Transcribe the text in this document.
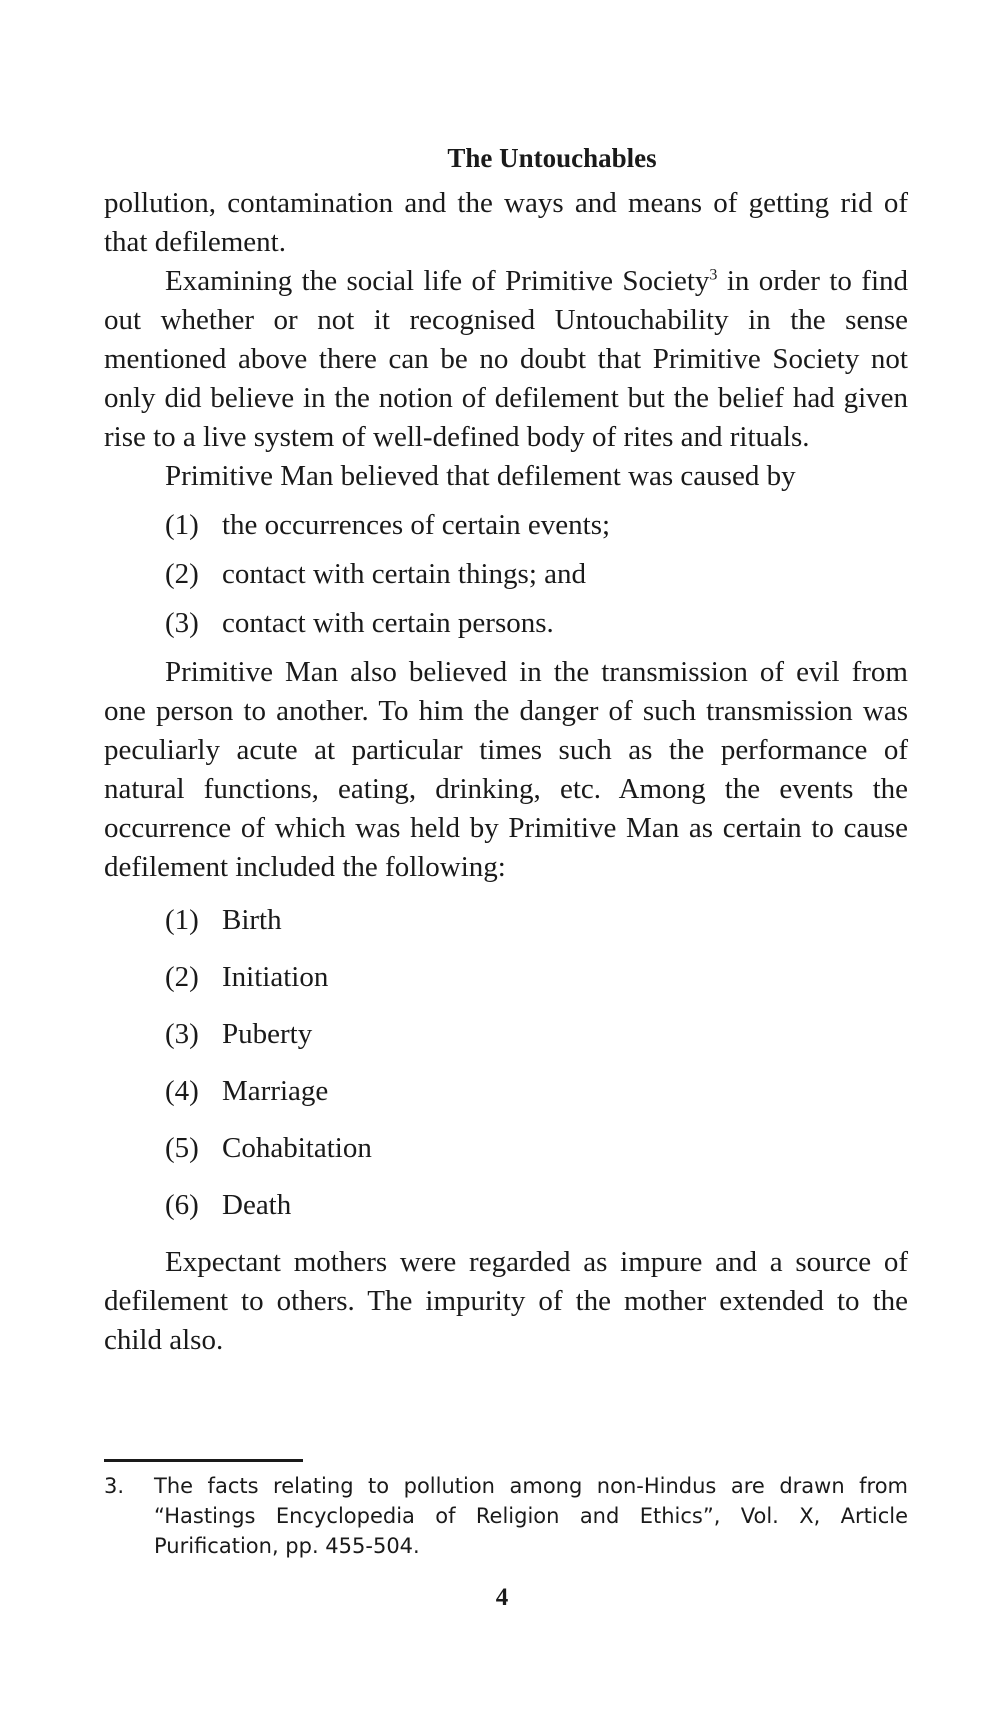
The Untouchables

pollution, contamination and the ways and means of getting rid of that defilement.

Examining the social life of Primitive Society$^3$ in order to find out whether or not it recognised Untouchability in the sense mentioned above there can be no doubt that Primitive Society not only did believe in the notion of defilement but the belief had given rise to a live system of well-defined body of rites and rituals.

Primitive Man believed that defilement was caused by

(1) the occurrences of certain events;
(2) contact with certain things; and
(3) contact with certain persons.

Primitive Man also believed in the transmission of evil from one person to another. To him the danger of such transmission was peculiarly acute at particular times such as the performance of natural functions, eating, drinking, etc. Among the events the occurrence of which was held by Primitive Man as certain to cause defilement included the following:

(1) Birth
(2) Initiation
(3) Puberty
(4) Marriage
(5) Cohabitation
(6) Death

Expectant mothers were regarded as impure and a source of defilement to others. The impurity of the mother extended to the child also.

3.	The facts relating to pollution among non-Hindus are drawn from “Hastings Encyclopedia of Religion and Ethics”, Vol. X, Article Purification, pp. 455-504.
4
